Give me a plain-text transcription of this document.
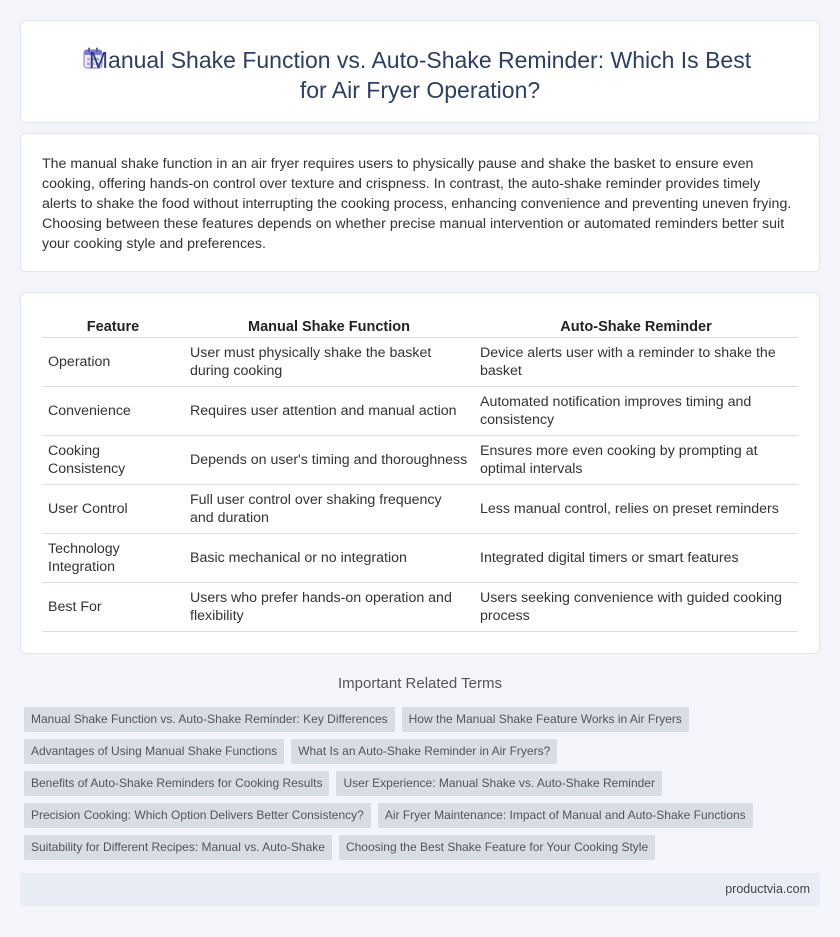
Manual Shake Function vs. Auto-Shake Reminder: Which Is Best for Air Fryer Operation?

The manual shake function in an air fryer requires users to physically pause and shake the basket to ensure even cooking, offering hands-on control over texture and crispness. In contrast, the auto-shake reminder provides timely alerts to shake the food without interrupting the cooking process, enhancing convenience and preventing uneven frying. Choosing between these features depends on whether precise manual intervention or automated reminders better suit your cooking style and preferences.

Feature	Manual Shake Function	Auto-Shake Reminder
Operation	User must physically shake the basket during cooking	Device alerts user with a reminder to shake the basket
Convenience	Requires user attention and manual action	Automated notification improves timing and consistency
Cooking Consistency	Depends on user's timing and thoroughness	Ensures more even cooking by prompting at optimal intervals
User Control	Full user control over shaking frequency and duration	Less manual control, relies on preset reminders
Technology Integration	Basic mechanical or no integration	Integrated digital timers or smart features
Best For	Users who prefer hands-on operation and flexibility	Users seeking convenience with guided cooking process
Important Related Terms
Manual Shake Function vs. Auto-Shake Reminder: Key Differences	How the Manual Shake Feature Works in Air Fryers
Advantages of Using Manual Shake Functions	What Is an Auto-Shake Reminder in Air Fryers?
Benefits of Auto-Shake Reminders for Cooking Results	User Experience: Manual Shake vs. Auto-Shake Reminder
Precision Cooking: Which Option Delivers Better Consistency?	Air Fryer Maintenance: Impact of Manual and Auto-Shake Functions
Suitability for Different Recipes: Manual vs. Auto-Shake	Choosing the Best Shake Feature for Your Cooking Style
productvia.com
